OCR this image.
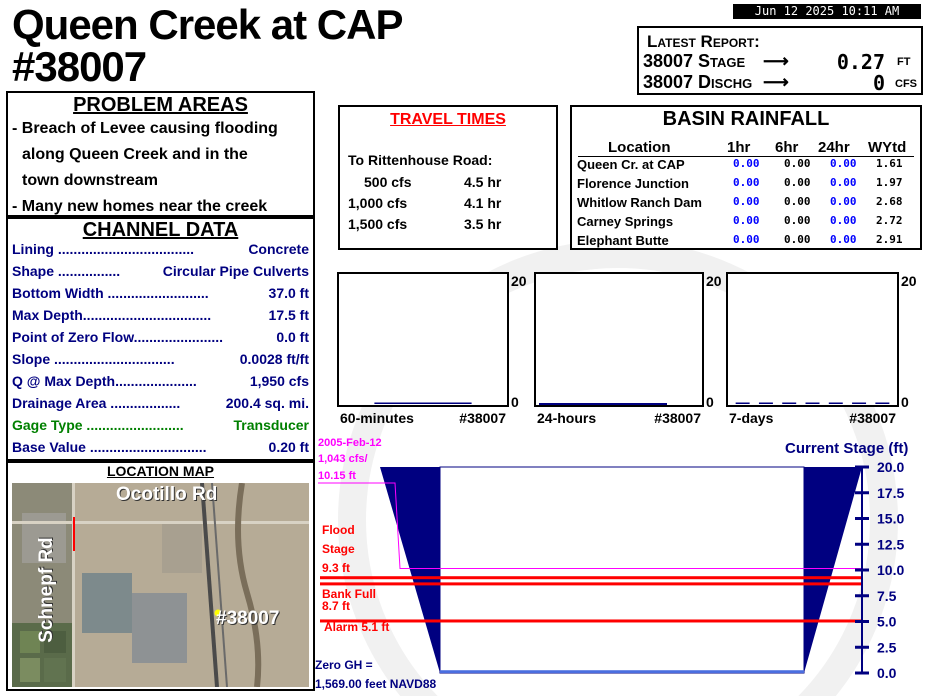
Queen Creek at CAP
#38007
Jun 12 2025 10:11 AM
Latest Report:
38007 Stage ⟶	0.27 FT
38007 Dischg ⟶	0 CFS
PROBLEM AREAS
- Breach of Levee causing flooding
along Queen Creek and in the
town downstream
- Many new homes near the creek
CHANNEL DATA
Lining ...................................	Concrete
Shape ................	Circular Pipe Culverts
Bottom Width ..........................	37.0 ft
Max Depth.................................	17.5 ft
Point of Zero Flow.......................	0.0 ft
Slope ...............................	0.0028 ft/ft
Q @ Max Depth.....................	1,950 cfs
Drainage Area ..................	200.4 sq. mi.
Gage Type .........................	Transducer
Base Value ..............................	0.20 ft
LOCATION MAP
Ocotillo Rd
Schnepf Rd	#38007
TRAVEL TIMES
To Rittenhouse Road:
500 cfs	4.5 hr
1,000 cfs	4.1 hr
1,500 cfs	3.5 hr
BASIN RAINFALL
Location	1hr 6hr 24hr WYtd
Queen Cr. at CAP	0.00 0.00 0.00 1.61
Florence Junction	0.00 0.00 0.00 1.97
Whitlow Ranch Dam	0.00 0.00 0.00 2.68
Carney Springs	0.00 0.00 0.00 2.72
Elephant Butte	0.00 0.00 0.00 2.91
20
0
60-minutes	#38007
20
0
24-hours	#38007
20
0
7-days	#38007
Current Stage (ft)
0.0
2.5
5.0
7.5
10.0
12.5
15.0
17.5
20.0
2005-Feb-12
1,043 cfs/
10.15 ft
Flood
Stage
9.3 ft
Bank Full
8.7 ft
Alarm 5.1 ft
Zero GH =
1,569.00 feet NAVD88
